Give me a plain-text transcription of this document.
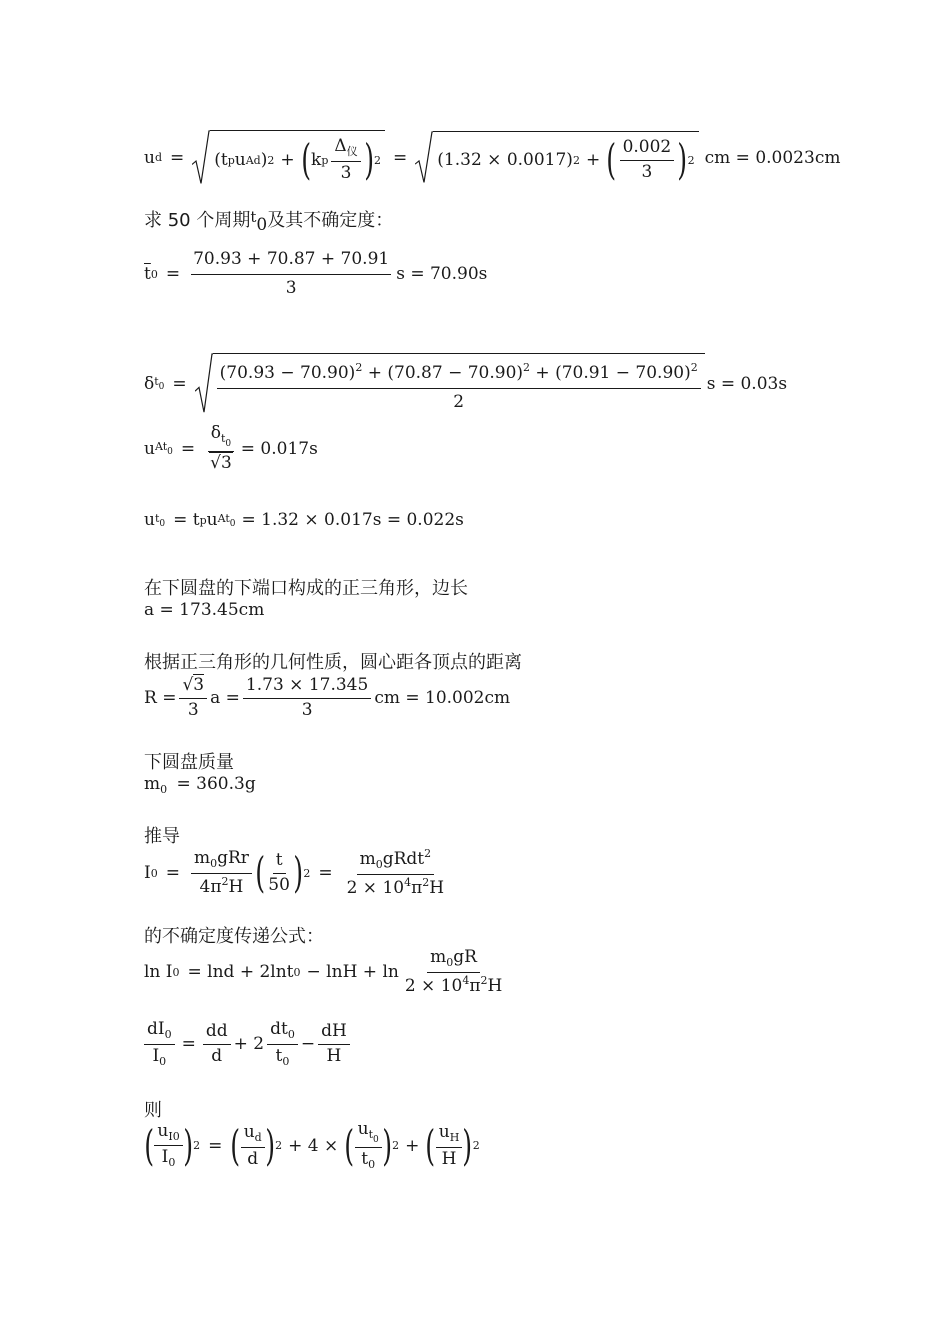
u d = (t p u Ad ) 2 + ( k p $\frac{\Delta_仪}{3}$ ) 2 = (1.32 × 0.0017) 2 + ( $\frac{0.002}{3}$ ) 2 cm = 0.0023cm
求 50 个周期$^t_0$及其不确定度：
$\overline{t}$ $0 = \frac{70.93 + 70.87 + 70.91}{3}$ s = 70.90s
δ $t_0 = \frac{(70.93 - 70.90)^2 + (70.87 - 70.90)^2 + (70.91 - 70.90)^2}{2}$ s = 0.03s
u $At_0 = \frac{\delta_{t_0}}{√3} = 0.017s$
u $t_0 = t$ p u $At_0 = 1.32 \times 0.017s = 0.022s$
在下圆盘的下端口构成的正三角形，边长
a = 173.45cm
根据正三角形的几何性质，圆心距各顶点的距离
$R = \frac{√3}{3}$ $a = \frac{1.73 \times 17.345}{3}$ cm = 10.002cm
下圆盘质量
$m_0 = 360.3g$
推导
I $0 = \frac{m_0gRr}{4\pi^2H}$ ( $\frac{t}{50}$ ) $2 = \frac{m_0gRdt^2}{2 \times 10^4\pi^2H}$
的不确定度传递公式：
ln I 0 = lnd + 2lnt $0 - \ln H + \ln \frac{m_0gR}{2 \times 10^4\pi^2H}$
$\frac{dI_0}{I_0} = \frac{dd}{d} + 2 \frac{dt_0}{t_0} - \frac{dH}{H}$
则
( $\frac{u_{I0}}{I_0}$ ) 2 = ( $\frac{u_d}{d}$ ) 2 + 4 × ( $\frac{u_{t_0}}{t_0}$ ) 2 + ( $\frac{u_H}{H}$ ) 2
